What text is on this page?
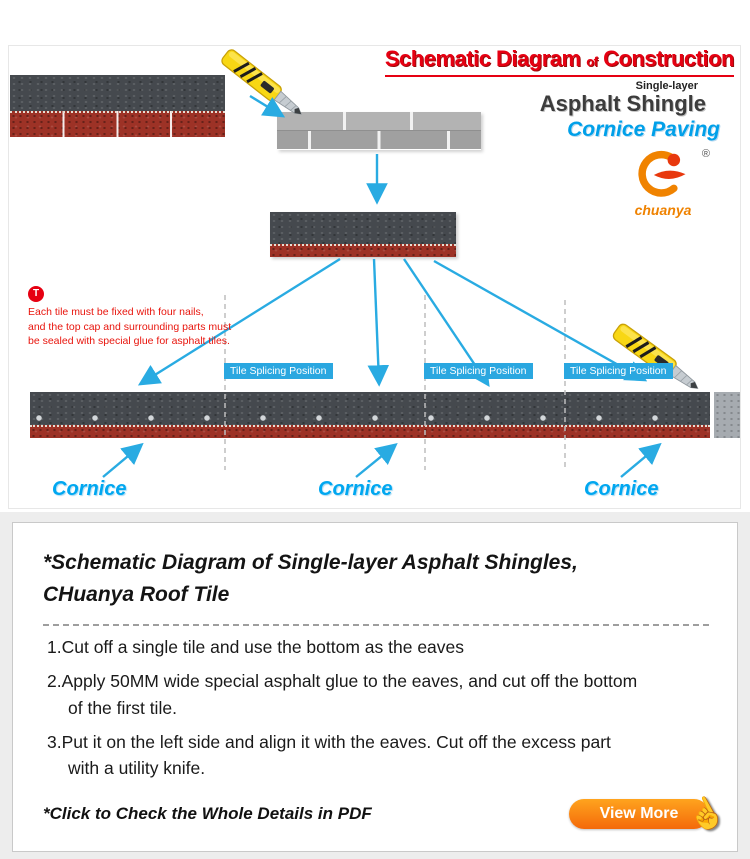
Schematic Diagram of Construction
Single-layer
Asphalt Shingle
Cornice Paving
®
chuanya
T
Each tile must be fixed with four nails,
and the top cap and surrounding parts must
be sealed with special glue for asphalt tiles.
Tile Splicing Position	Tile Splicing Position	Tile Splicing Position
Cornice	Cornice	Cornice
*Schematic Diagram of Single-layer Asphalt Shingles,
CHuanya Roof Tile
1.Cut off a single tile and use the bottom as the eaves
2.Apply 50MM wide special asphalt glue to the eaves, and cut off the bottom
of the first tile.
3.Put it on the left side and align it with the eaves. Cut off the excess part
with a utility knife.
*Click to Check the Whole Details in PDF	View More ☝
